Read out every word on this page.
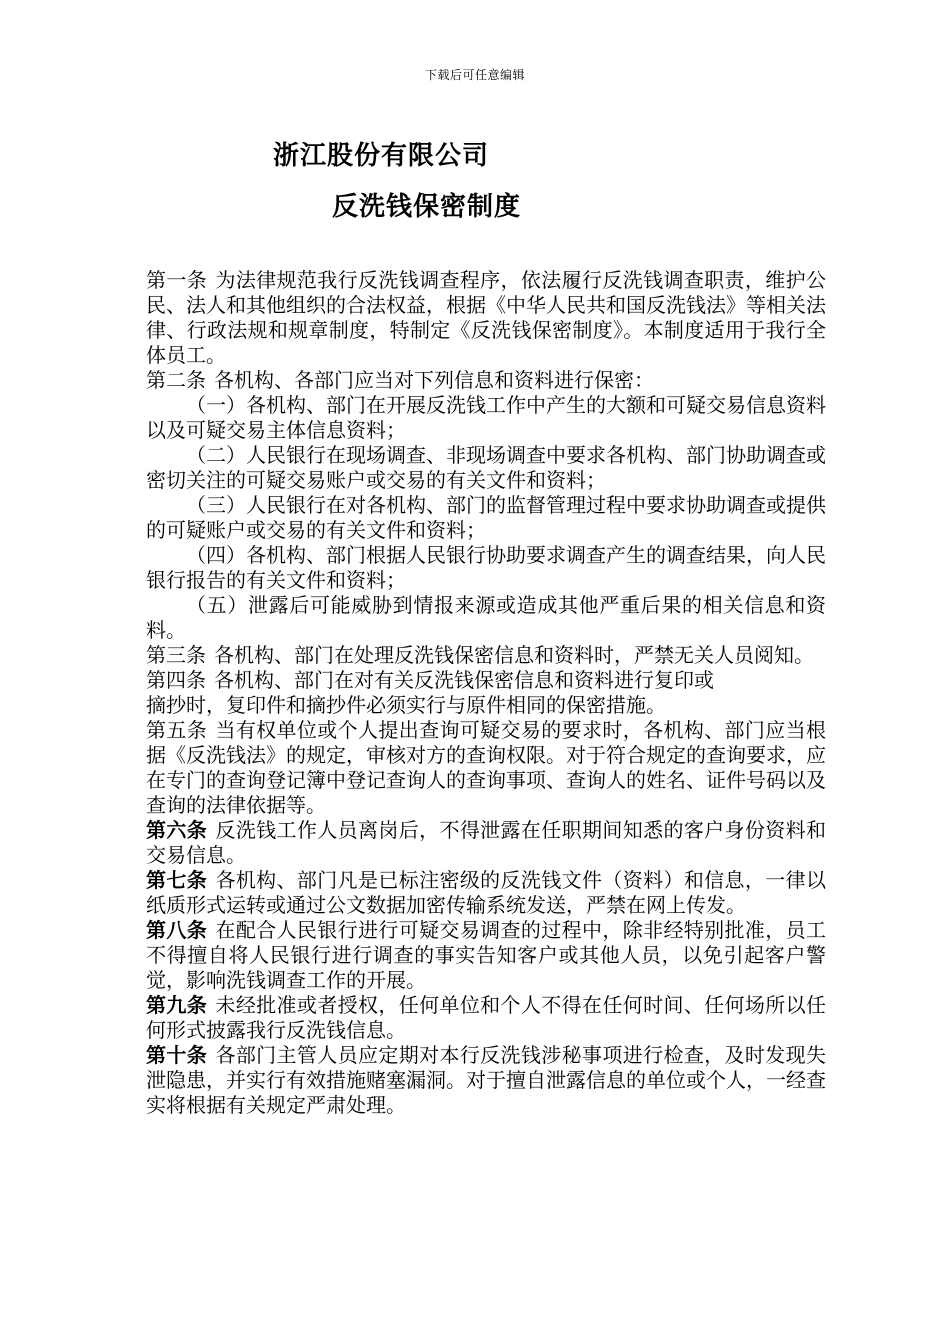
下载后可任意编辑
浙江股份有限公司
反洗钱保密制度

第一条 为法律规范我行反洗钱调查程序，依法履行反洗钱调查职责，维护公民、法人和其他组织的合法权益，根据《中华人民共和国反洗钱法》等相关法律、行政法规和规章制度，特制定《反洗钱保密制度》。本制度适用于我行全体员工。

第二条 各机构、各部门应当对下列信息和资料进行保密：

（一）各机构、部门在开展反洗钱工作中产生的大额和可疑交易信息资料以及可疑交易主体信息资料；

（二）人民银行在现场调查、非现场调查中要求各机构、部门协助调查或密切关注的可疑交易账户或交易的有关文件和资料；

（三）人民银行在对各机构、部门的监督管理过程中要求协助调查或提供的可疑账户或交易的有关文件和资料；

（四）各机构、部门根据人民银行协助要求调查产生的调查结果，向人民银行报告的有关文件和资料；

（五）泄露后可能威胁到情报来源或造成其他严重后果的相关信息和资料。

第三条 各机构、部门在处理反洗钱保密信息和资料时，严禁无关人员阅知。

第四条 各机构、部门在对有关反洗钱保密信息和资料进行复印或
摘抄时，复印件和摘抄件必须实行与原件相同的保密措施。

第五条 当有权单位或个人提出查询可疑交易的要求时，各机构、部门应当根据《反洗钱法》的规定，审核对方的查询权限。对于符合规定的查询要求，应在专门的查询登记簿中登记查询人的查询事项、查询人的姓名、证件号码以及查询的法律依据等。

第六条 反洗钱工作人员离岗后，不得泄露在任职期间知悉的客户身份资料和交易信息。

第七条 各机构、部门凡是已标注密级的反洗钱文件（资料）和信息，一律以纸质形式运转或通过公文数据加密传输系统发送，严禁在网上传发。

第八条 在配合人民银行进行可疑交易调查的过程中，除非经特别批准，员工不得擅自将人民银行进行调查的事实告知客户或其他人员，以免引起客户警觉，影响洗钱调查工作的开展。

第九条 未经批准或者授权，任何单位和个人不得在任何时间、任何场所以任何形式披露我行反洗钱信息。

第十条 各部门主管人员应定期对本行反洗钱涉秘事项进行检查，及时发现失泄隐患，并实行有效措施赌塞漏洞。对于擅自泄露信息的单位或个人，一经查实将根据有关规定严肃处理。
